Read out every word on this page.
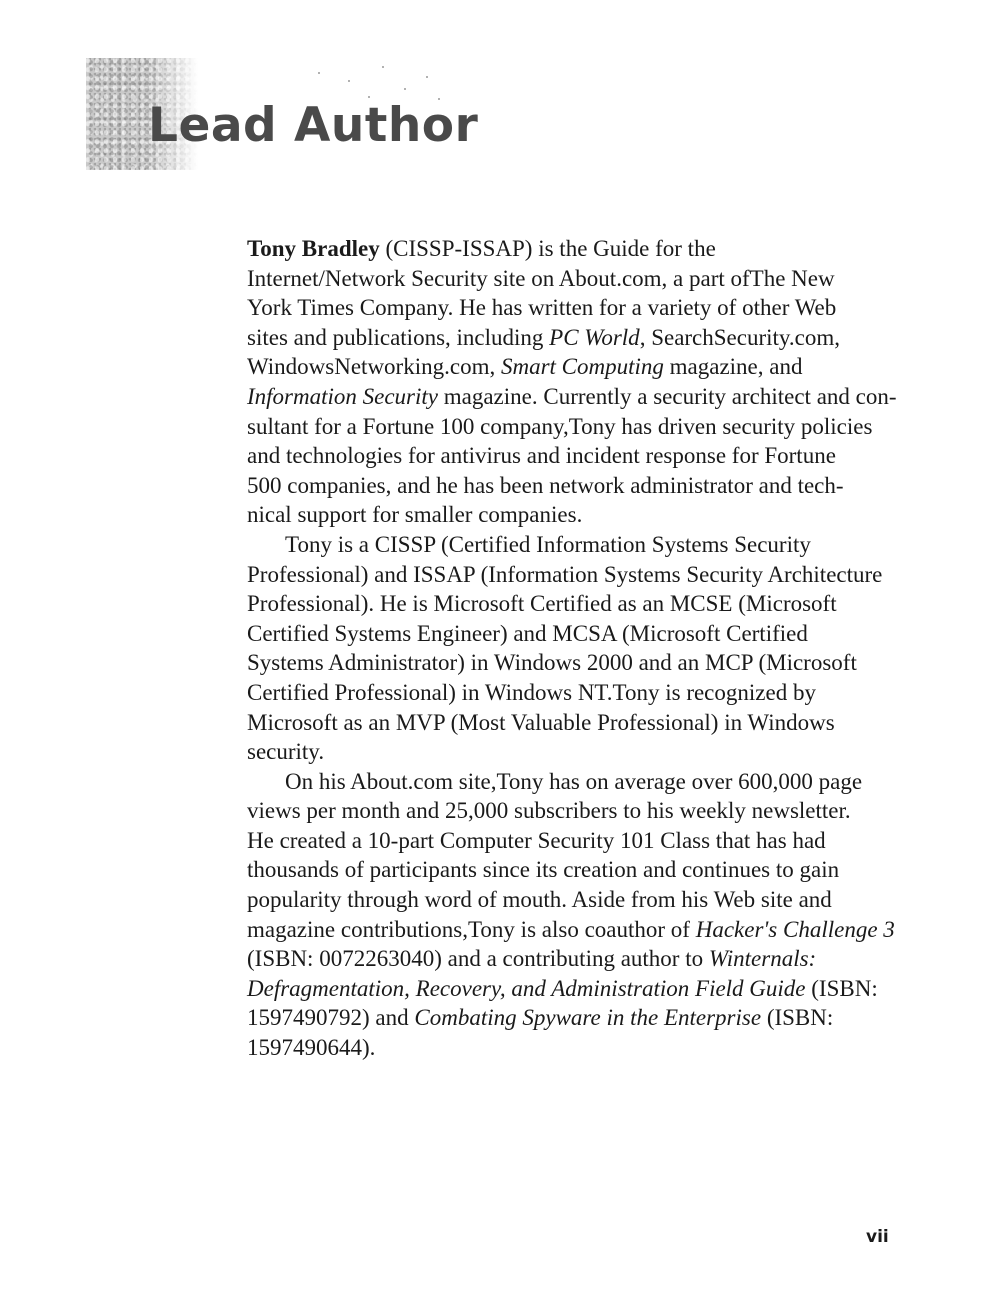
Lead Author

Tony Bradley (CISSP-ISSAP) is the Guide for the
Internet/Network Security site on About.com, a part ofThe New
York Times Company. He has written for a variety of other Web
sites and publications, including PC World, SearchSecurity.com,
WindowsNetworking.com, Smart Computing magazine, and
Information Security magazine. Currently a security architect and con-
sultant for a Fortune 100 company,Tony has driven security policies
and technologies for antivirus and incident response for Fortune
500 companies, and he has been network administrator and tech-
nical support for smaller companies.

Tony is a CISSP (Certified Information Systems Security
Professional) and ISSAP (Information Systems Security Architecture
Professional). He is Microsoft Certified as an MCSE (Microsoft
Certified Systems Engineer) and MCSA (Microsoft Certified
Systems Administrator) in Windows 2000 and an MCP (Microsoft
Certified Professional) in Windows NT.Tony is recognized by
Microsoft as an MVP (Most Valuable Professional) in Windows
security.

On his About.com site,Tony has on average over 600,000 page
views per month and 25,000 subscribers to his weekly newsletter.
He created a 10-part Computer Security 101 Class that has had
thousands of participants since its creation and continues to gain
popularity through word of mouth. Aside from his Web site and
magazine contributions,Tony is also coauthor of Hacker's Challenge 3
(ISBN: 0072263040) and a contributing author to Winternals:
Defragmentation, Recovery, and Administration Field Guide (ISBN:
1597490792) and Combating Spyware in the Enterprise (ISBN:
1597490644).

vii
